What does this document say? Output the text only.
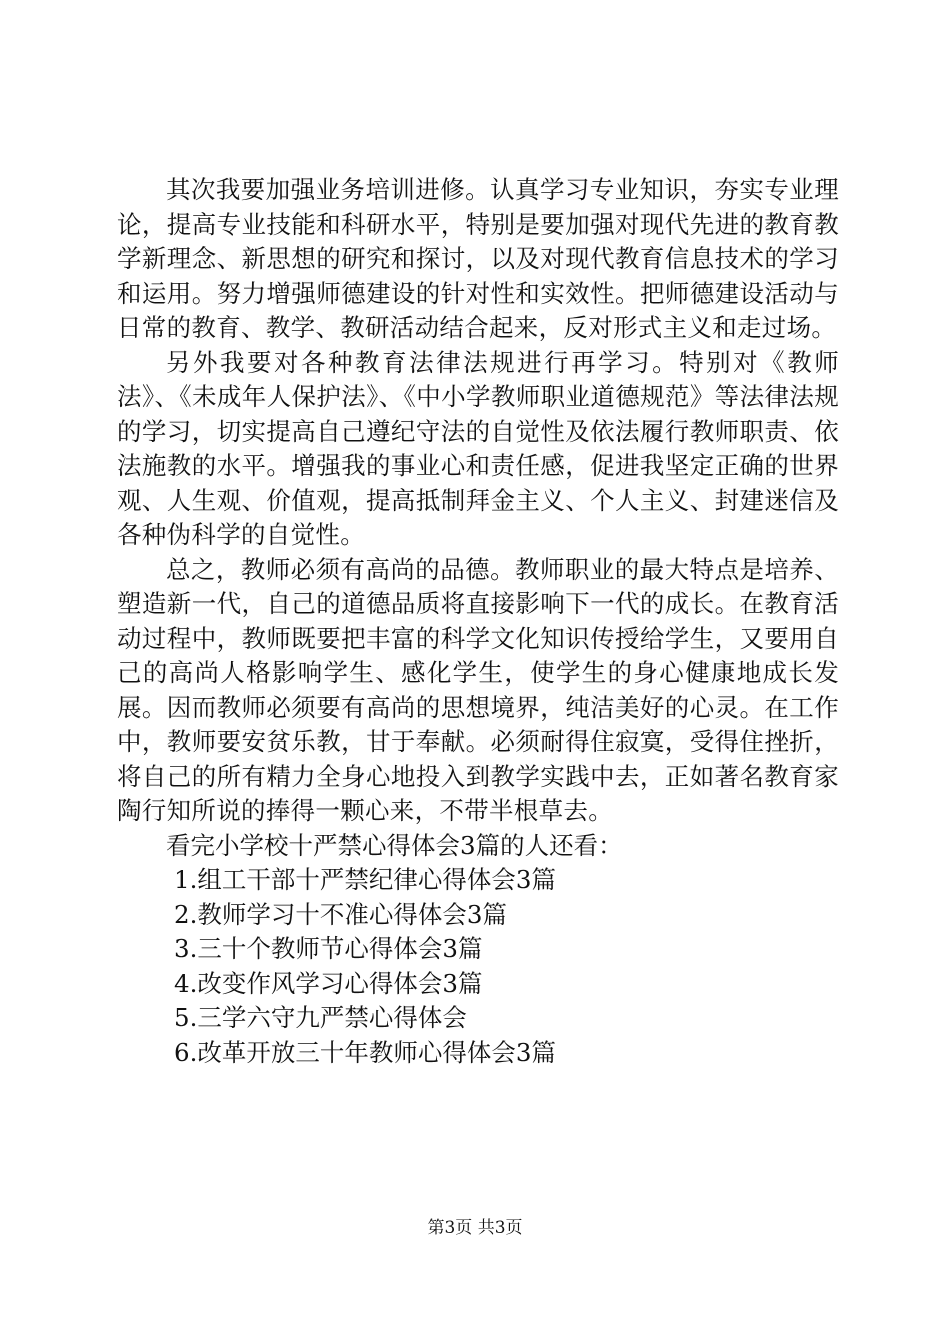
其次我要加强业务培训进修。认真学习专业知识，夯实专业理论，提高专业技能和科研水平，特别是要加强对现代先进的教育教学新理念、新思想的研究和探讨，以及对现代教育信息技术的学习和运用。努力增强师德建设的针对性和实效性。把师德建设活动与日常的教育、教学、教研活动结合起来，反对形式主义和走过场。

另外我要对各种教育法律法规进行再学习。特别对《教师法》、《未成年人保护法》、《中小学教师职业道德规范》等法律法规的学习，切实提高自己遵纪守法的自觉性及依法履行教师职责、依法施教的水平。增强我的事业心和责任感，促进我坚定正确的世界观、人生观、价值观，提高抵制拜金主义、个人主义、封建迷信及各种伪科学的自觉性。

总之，教师必须有高尚的品德。教师职业的最大特点是培养、塑造新一代，自己的道德品质将直接影响下一代的成长。在教育活动过程中，教师既要把丰富的科学文化知识传授给学生，又要用自己的高尚人格影响学生、感化学生，使学生的身心健康地成长发展。因而教师必须要有高尚的思想境界，纯洁美好的心灵。在工作中，教师要安贫乐教，甘于奉献。必须耐得住寂寞，受得住挫折，将自己的所有精力全身心地投入到教学实践中去，正如著名教育家陶行知所说的捧得一颗心来，不带半根草去。

看完小学校十严禁心得体会3篇的人还看：

1.组工干部十严禁纪律心得体会3篇
2.教师学习十不准心得体会3篇
3.三十个教师节心得体会3篇
4.改变作风学习心得体会3篇
5.三学六守九严禁心得体会
6.改革开放三十年教师心得体会3篇
第3页 共3页
